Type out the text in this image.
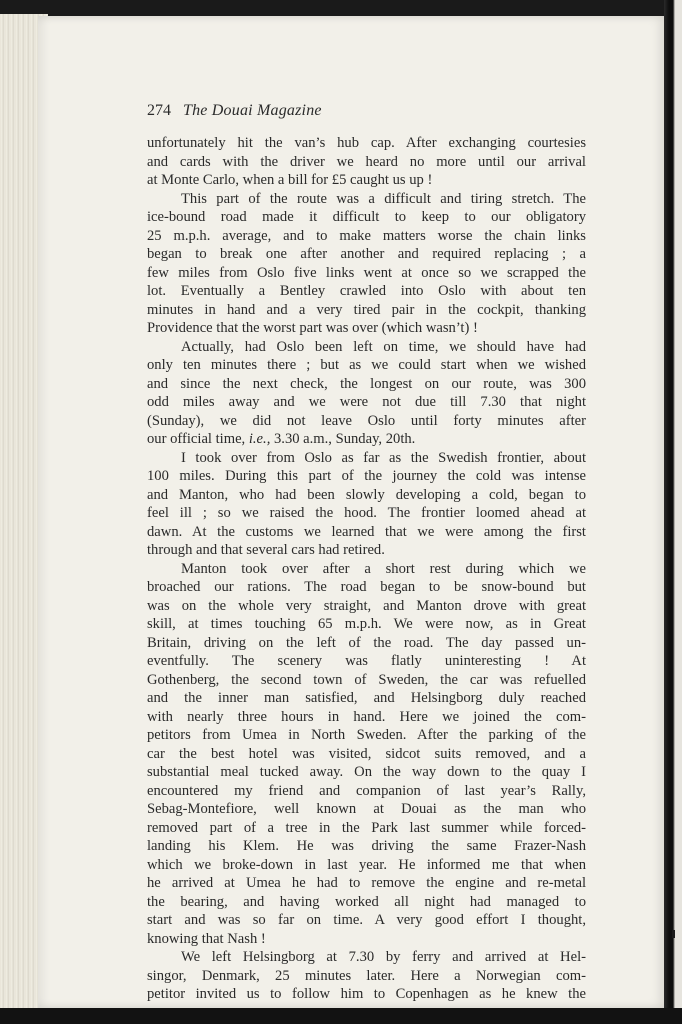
274 The Douai Magazine

unfortunately hit the van’s hub cap. After exchanging courtesies

and cards with the driver we heard no more until our arrival

at Monte Carlo, when a bill for £5 caught us up !

This part of the route was a difficult and tiring stretch. The

ice-bound road made it difficult to keep to our obligatory

25 m.p.h. average, and to make matters worse the chain links

began to break one after another and required replacing ; a

few miles from Oslo five links went at once so we scrapped the

lot. Eventually a Bentley crawled into Oslo with about ten

minutes in hand and a very tired pair in the cockpit, thanking

Providence that the worst part was over (which wasn’t) !

Actually, had Oslo been left on time, we should have had

only ten minutes there ; but as we could start when we wished

and since the next check, the longest on our route, was 300

odd miles away and we were not due till 7.30 that night

(Sunday), we did not leave Oslo until forty minutes after

our official time, i.e., 3.30 a.m., Sunday, 20th.

I took over from Oslo as far as the Swedish frontier, about

100 miles. During this part of the journey the cold was intense

and Manton, who had been slowly developing a cold, began to

feel ill ; so we raised the hood. The frontier loomed ahead at

dawn. At the customs we learned that we were among the first

through and that several cars had retired.

Manton took over after a short rest during which we

broached our rations. The road began to be snow-bound but

was on the whole very straight, and Manton drove with great

skill, at times touching 65 m.p.h. We were now, as in Great

Britain, driving on the left of the road. The day passed un-

eventfully. The scenery was flatly uninteresting ! At

Gothenberg, the second town of Sweden, the car was refuelled

and the inner man satisfied, and Helsingborg duly reached

with nearly three hours in hand. Here we joined the com-

petitors from Umea in North Sweden. After the parking of the

car the best hotel was visited, sidcot suits removed, and a

substantial meal tucked away. On the way down to the quay I

encountered my friend and companion of last year’s Rally,

Sebag-Montefiore, well known at Douai as the man who

removed part of a tree in the Park last summer while forced-

landing his Klem. He was driving the same Frazer-Nash

which we broke-down in last year. He informed me that when

he arrived at Umea he had to remove the engine and re-metal

the bearing, and having worked all night had managed to

start and was so far on time. A very good effort I thought,

knowing that Nash !

We left Helsingborg at 7.30 by ferry and arrived at Hel-

singor, Denmark, 25 minutes later. Here a Norwegian com-

petitor invited us to follow him to Copenhagen as he knew the
